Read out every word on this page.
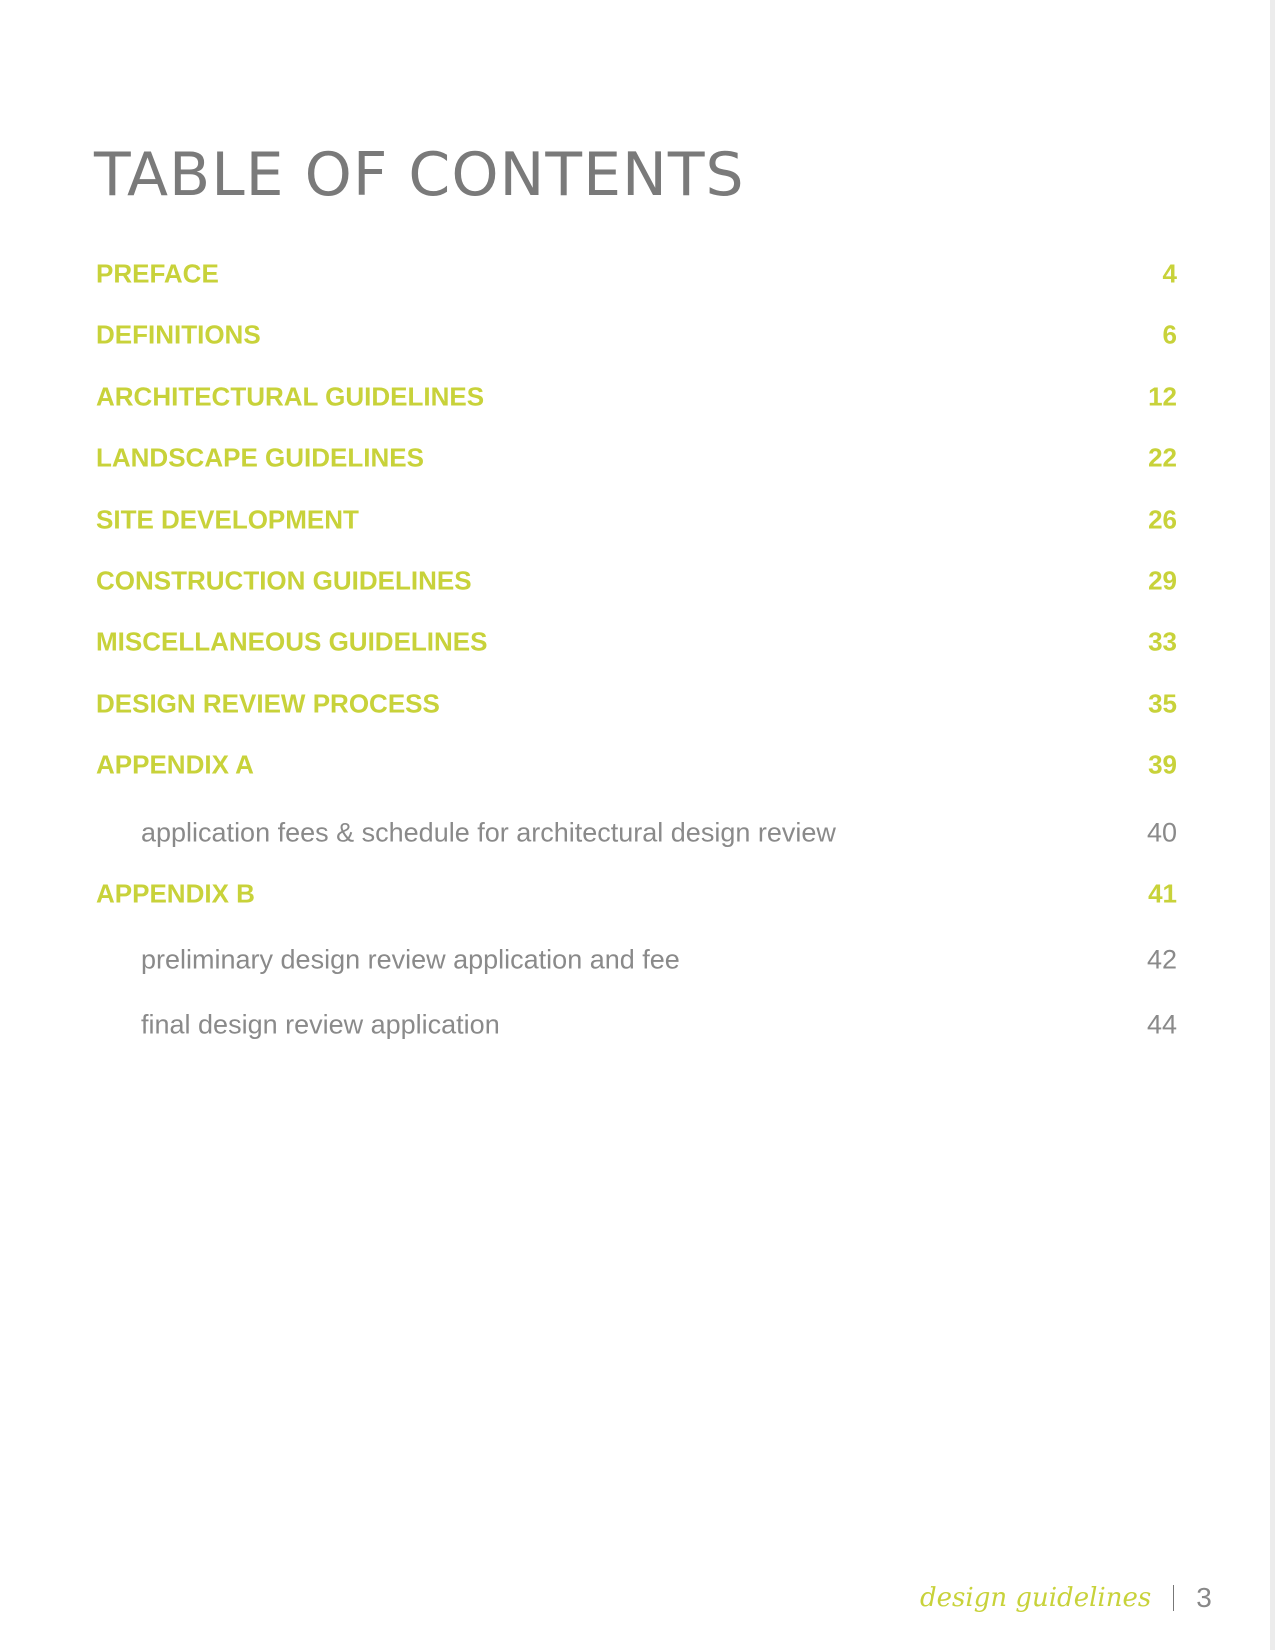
TABLE OF CONTENTS
PREFACE	4
DEFINITIONS	6
ARCHITECTURAL GUIDELINES	12
LANDSCAPE GUIDELINES	22
SITE DEVELOPMENT	26
CONSTRUCTION GUIDELINES	29
MISCELLANEOUS GUIDELINES	33
DESIGN REVIEW PROCESS	35
APPENDIX A	39
application fees & schedule for architectural design review	40
APPENDIX B	41
preliminary design review application and fee	42
final design review application	44
design guidelines 3
